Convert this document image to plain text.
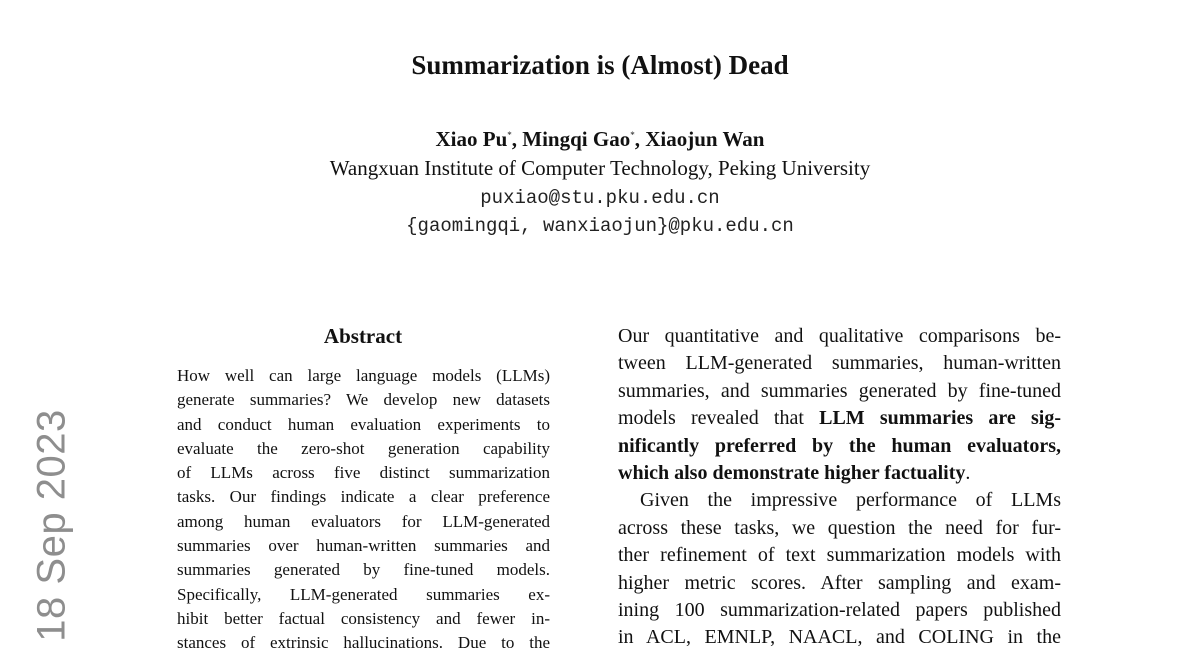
18 Sep 2023
Summarization is (Almost) Dead
Xiao Pu*, Mingqi Gao*, Xiaojun Wan
Wangxuan Institute of Computer Technology, Peking University
puxiao@stu.pku.edu.cn
{gaomingqi, wanxiaojun}@pku.edu.cn
Abstract
How well can large language models (LLMs)
generate summaries? We develop new datasets
and conduct human evaluation experiments to
evaluate the zero-shot generation capability
of LLMs across five distinct summarization
tasks. Our findings indicate a clear preference
among human evaluators for LLM-generated
summaries over human-written summaries and
summaries generated by fine-tuned models.
Specifically, LLM-generated summaries ex-
hibit better factual consistency and fewer in-
stances of extrinsic hallucinations. Due to the
Our quantitative and qualitative comparisons be-
tween LLM-generated summaries, human-written
summaries, and summaries generated by fine-tuned
models revealed that LLM summaries are sig-
nificantly preferred by the human evaluators,
which also demonstrate higher factuality.
Given the impressive performance of LLMs
across these tasks, we question the need for fur-
ther refinement of text summarization models with
higher metric scores. After sampling and exam-
ining 100 summarization-related papers published
in ACL, EMNLP, NAACL, and COLING in the
